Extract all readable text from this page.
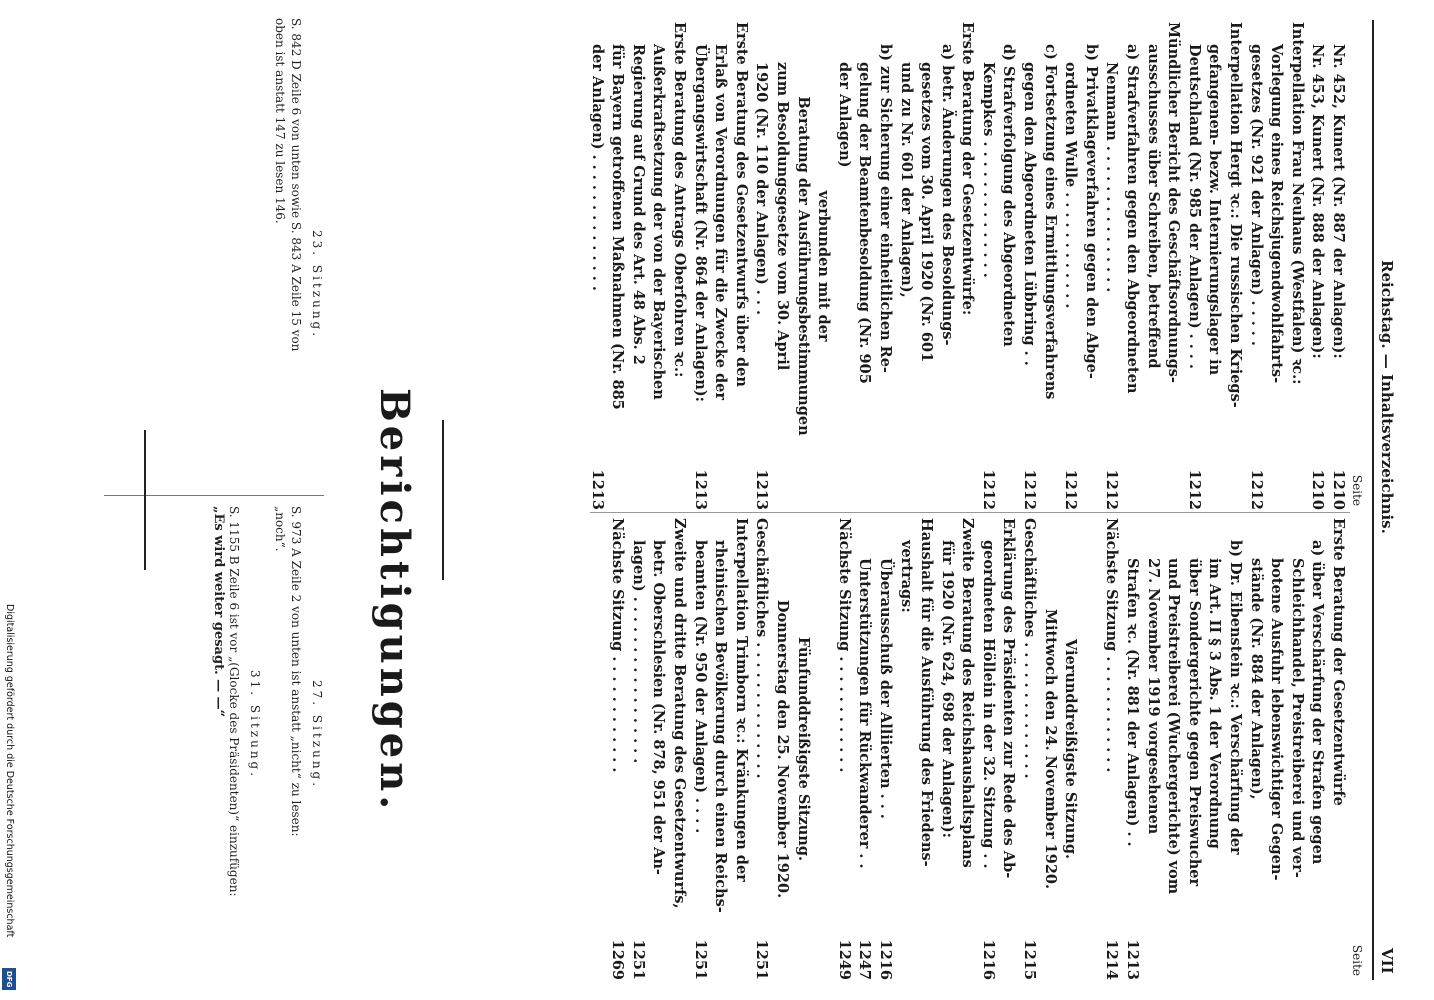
Digitalisierung gefördert durch die Deutsche Forschungsgemeinschaft
DFG
Reichstag. — Inhaltsverzeichnis.
VII
Seite
Seite
Nr. 452, Kunert (Nr. 887 der Anlagen):
1210
Nr. 453, Kunert (Nr. 888 der Anlagen):
1210
Interpellation Frau Neuhaus (Westfalen) ꝛc.:
Vorlegung eines Reichsjugendwohlfahrts-
gesetzes (Nr. 921 der Anlagen) . . . . .
1212
Interpellation Hergt ꝛc.: Die russischen Kriegs-
gefangenen- bezw. Internierungslager in
Deutschland (Nr. 985 der Anlagen) . . . .
1212
Mündlicher Bericht des Geschäftsordnungs-
ausschusses über Schreiben, betreffend
a) Strafverfahren gegen den Abgeordneten
Nenmann . . . . . . . . . . . . . . .
1212
b) Privatklageverfahren gegen den Abge-
ordneten Wulle . . . . . . . . . . . .
1212
c) Fortsetzung eines Ermittlungsverfahrens
gegen den Abgeordneten Lübbring . .
1212
d) Strafverfolgung des Abgeordneten
Kempkes . . . . . . . . . . . . . .
1212
Erste Beratung der Gesetzentwürfe:
a) betr. Änderungen des Besoldungs-
gesetzes vom 30. April 1920 (Nr. 601
und zu Nr. 601 der Anlagen),
b) zur Sicherung einer einheitlichen Re-
gelung der Beamtenbesoldung (Nr. 905
der Anlagen)
verbunden mit der
Beratung der Ausführungsbestimmungen
zum Besoldungsgesetze vom 30. April
1920 (Nr. 110 der Anlagen) . . .
1213
Erste Beratung des Gesetzentwurfs über den
Erlaß von Verordnungen für die Zwecke der
Übergangswirtschaft (Nr. 864 der Anlagen):
1213
Erste Beratung des Antrags Oberfohren ꝛc.:
Außerkraftsetzung der von der Bayerischen
Regierung auf Grund des Art. 48 Abs. 2
für Bayern getroffenen Maßnahmen (Nr. 885
der Anlagen) . . . . . . . . . . . . . .
1213
Erste Beratung der Gesetzentwürfe
a) über Verschärfung der Strafen gegen
Schleichhandel, Preistreiberei und ver-
botene Ausfuhr lebenswichtiger Gegen-
stände (Nr. 884 der Anlagen),
b) Dr. Eibenstein ꝛc.: Verschärfung der
im Art. II § 3 Abs. 1 der Verordnung
über Sondergerichte gegen Preiswucher
und Preistreiberei (Wuchergerichte) vom
27. November 1919 vorgesehenen
Strafen ꝛc. (Nr. 881 der Anlagen) . .
1213
Nächste Sitzung . . . . . . . . . . . .
1214
Vierunddreißigste Sitzung.
Mittwoch den 24. November 1920.
Geschäftliches . . . . . . . . . . . . . .
1215
Erklärung des Präsidenten zur Rede des Ab-
geordneten Höllein in der 32. Sitzung . .
1216
Zweite Beratung des Reichshaushaltsplans
für 1920 (Nr. 624, 698 der Anlagen):
Haushalt für die Ausführung des Friedens-
vertrags:
Überausschuß der Alliierten . . .
1216
Unterstützungen für Rückwanderer . .
1247
Nächste Sitzung . . . . . . . . . . . .
1249
Fünfunddreißigste Sitzung.
Donnerstag den 25. November 1920.
Geschäftliches . . . . . . . . . . . . . .
1251
Interpellation Trimborn ꝛc.: Kränkungen der
rheinischen Bevölkerung durch einen Reichs-
beamten (Nr. 950 der Anlagen) . . . .
1251
Zweite und dritte Beratung des Gesetzentwurfs,
betr. Oberschlesien (Nr. 878, 951 der An-
lagen) . . . . . . . . . . . . . . . . .
1251
Nächste Sitzung . . . . . . . . . . . .
1269
Berichtigungen.
23. Sitzung.
S. 842 D Zeile 6 von unten sowie S. 843 A Zeile 15 von
oben ist anstatt 147 zu lesen 146.
27. Sitzung.
S. 973 A Zeile 2 von unten ist anstatt „nicht“ zu lesen:
„noch“.
31. Sitzung.
S. 1155 B Zeile 6 ist vor „(Glocke des Präsidenten)“ einzufügen:
„Es wird weiter gesagt. — —“
